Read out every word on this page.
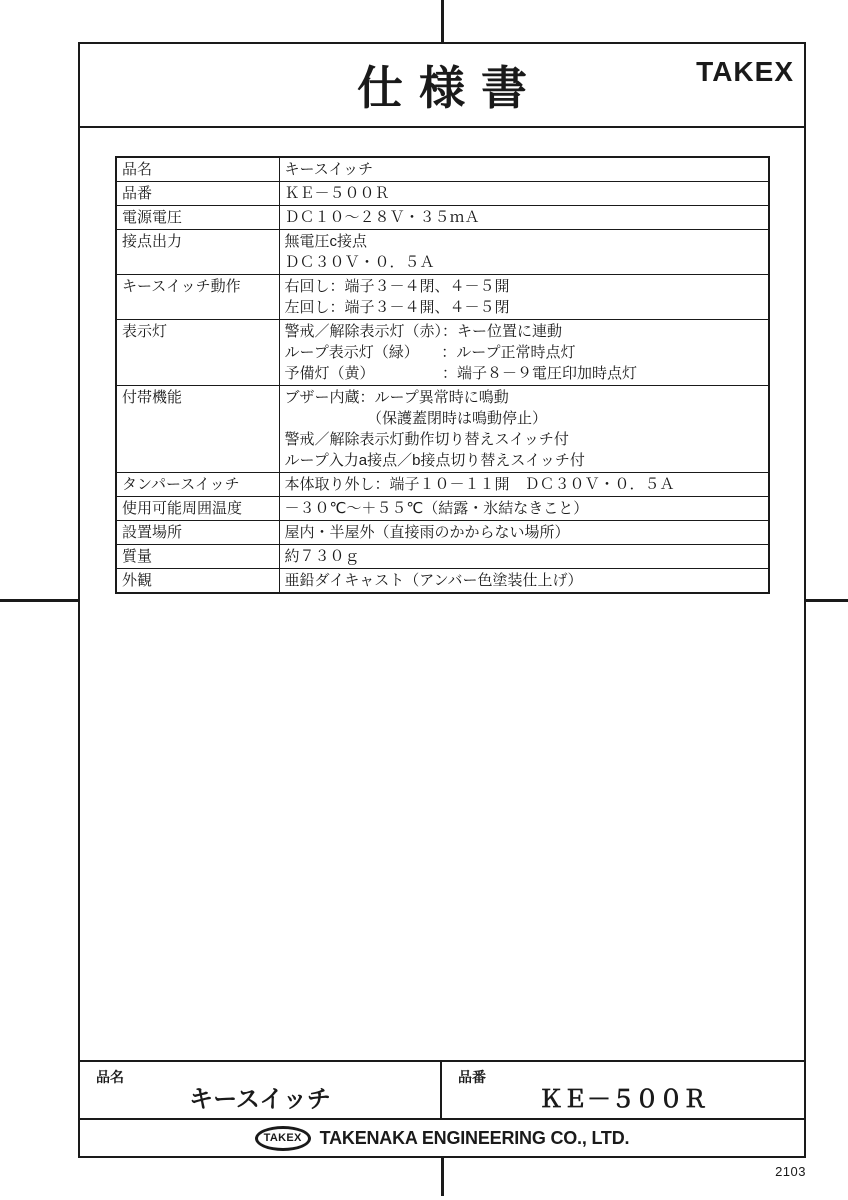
仕様書	TAKEX
品名	キースイッチ

品番	ＫＥ－５００Ｒ

電源電圧	ＤＣ１０～２８Ｖ・３５ｍＡ

接点出力	無電圧c接点
ＤＣ３０Ｖ・０．５Ａ

キースイッチ動作	右回し：端子３－４閉、４－５開
左回し：端子３－４開、４－５閉

表示灯	警戒／解除表示灯（赤）：キー位置に連動
ループ表示灯（緑）　　：ループ正常時点灯
予備灯（黄）　　　　　：端子８－９電圧印加時点灯

付帯機能	ブザー内蔵：ループ異常時に鳴動
　　　　　　（保護蓋閉時は鳴動停止）
警戒／解除表示灯動作切り替えスイッチ付
ループ入力a接点／b接点切り替えスイッチ付

タンパースイッチ	本体取り外し：端子１０－１１開　ＤＣ３０Ｖ・０．５Ａ

使用可能周囲温度	－３０℃～＋５５℃（結露・氷結なきこと）

設置場所	屋内・半屋外（直接雨のかからない場所）

質量	約７３０ｇ

外観	亜鉛ダイキャスト（アンバー色塗装仕上げ）
品名
キースイッチ
品番
ＫＥ－５００Ｒ
TAKEX	TAKENAKA ENGINEERING CO., LTD.
2103
